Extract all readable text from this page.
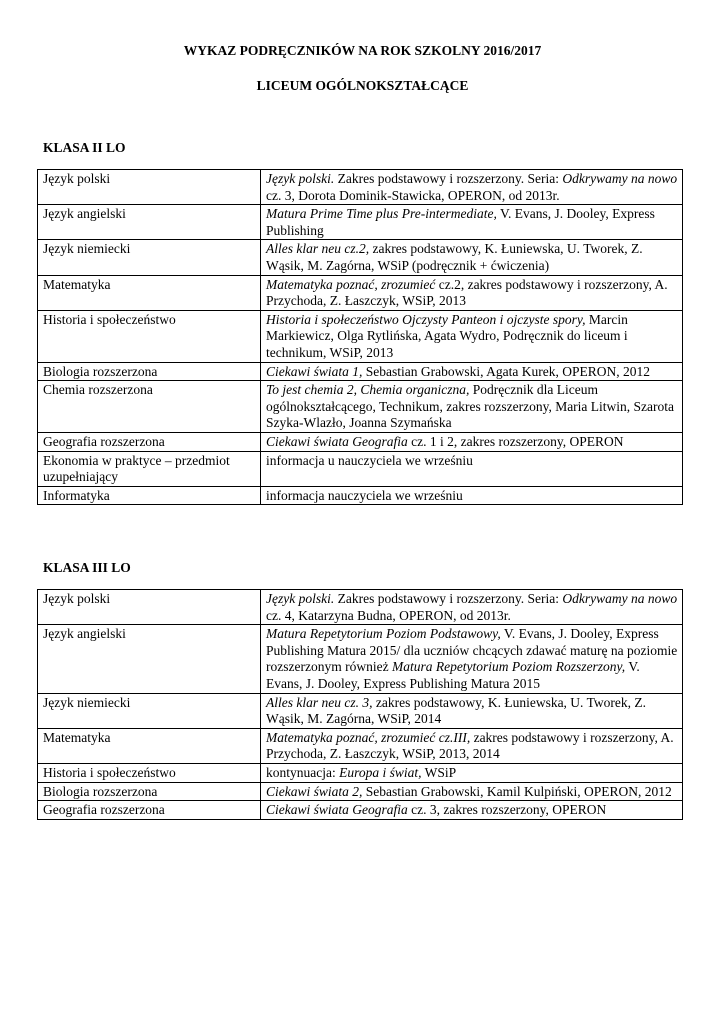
WYKAZ PODRĘCZNIKÓW NA ROK SZKOLNY 2016/2017
LICEUM OGÓLNOKSZTAŁCĄCE
KLASA II LO
Język polski	Język polski. Zakres podstawowy i rozszerzony. Seria: Odkrywamy na nowo cz. 3, Dorota Dominik-Stawicka, OPERON, od 2013r.
Język angielski	Matura Prime Time plus Pre-intermediate, V. Evans, J. Dooley, Express Publishing
Język niemiecki	Alles klar neu cz.2, zakres podstawowy, K. Łuniewska, U. Tworek, Z. Wąsik, M. Zagórna, WSiP (podręcznik + ćwiczenia)
Matematyka	Matematyka poznać, zrozumieć cz.2, zakres podstawowy i rozszerzony, A. Przychoda, Z. Łaszczyk, WSiP, 2013
Historia i społeczeństwo	Historia i społeczeństwo Ojczysty Panteon i ojczyste spory, Marcin Markiewicz, Olga Rytlińska, Agata Wydro, Podręcznik do liceum i technikum, WSiP, 2013
Biologia rozszerzona	Ciekawi świata 1, Sebastian Grabowski, Agata Kurek, OPERON, 2012
Chemia rozszerzona	To jest chemia 2, Chemia organiczna, Podręcznik dla Liceum ogólnokształcącego, Technikum, zakres rozszerzony, Maria Litwin, Szarota Szyka-Wlazło, Joanna Szymańska
Geografia rozszerzona	Ciekawi świata Geografia cz. 1 i 2, zakres rozszerzony, OPERON
Ekonomia w praktyce – przedmiot uzupełniający	informacja u nauczyciela we wrześniu
Informatyka	informacja nauczyciela we wrześniu
KLASA III LO
Język polski	Język polski. Zakres podstawowy i rozszerzony. Seria: Odkrywamy na nowo cz. 4, Katarzyna Budna, OPERON, od 2013r.
Język angielski	Matura Repetytorium Poziom Podstawowy, V. Evans, J. Dooley, Express Publishing Matura 2015/ dla uczniów chcących zdawać maturę na poziomie rozszerzonym również Matura Repetytorium Poziom Rozszerzony, V. Evans, J. Dooley, Express Publishing Matura 2015
Język niemiecki	Alles klar neu cz. 3, zakres podstawowy, K. Łuniewska, U. Tworek, Z. Wąsik, M. Zagórna, WSiP, 2014
Matematyka	Matematyka poznać, zrozumieć cz.III, zakres podstawowy i rozszerzony, A. Przychoda, Z. Łaszczyk, WSiP, 2013, 2014
Historia i społeczeństwo	kontynuacja: Europa i świat, WSiP
Biologia rozszerzona	Ciekawi świata 2, Sebastian Grabowski, Kamil Kulpiński, OPERON, 2012
Geografia rozszerzona	Ciekawi świata Geografia cz. 3, zakres rozszerzony, OPERON
